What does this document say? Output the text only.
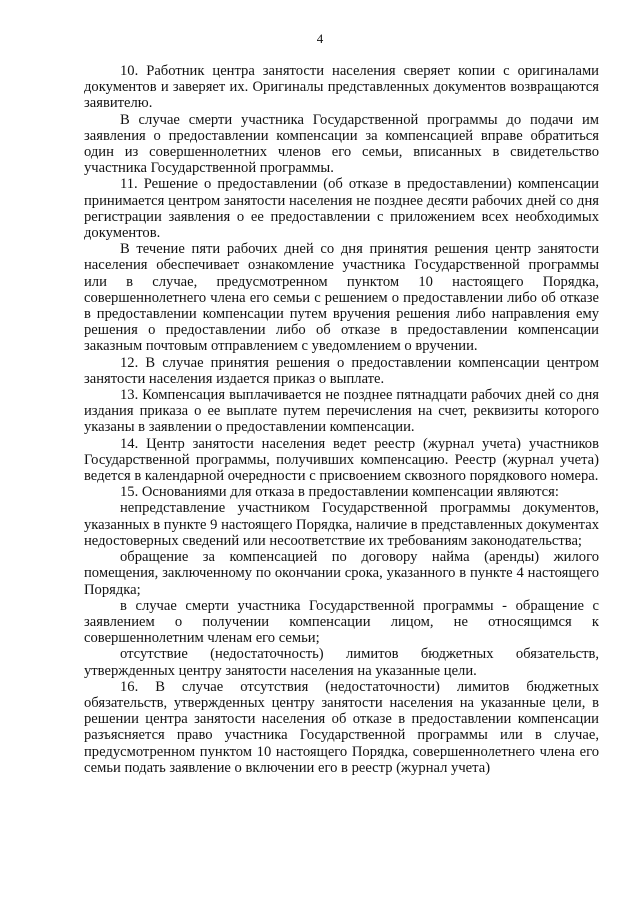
4

10. Работник центра занятости населения сверяет копии с оригиналами документов и заверяет их. Оригиналы представленных документов возвращаются заявителю.

В случае смерти участника Государственной программы до подачи им заявления о предоставлении компенсации за компенсацией вправе обратиться один из совершеннолетних членов его семьи, вписанных в свидетельство участника Государственной программы.

11. Решение о предоставлении (об отказе в предоставлении) компенсации принимается центром занятости населения не позднее десяти рабочих дней со дня регистрации заявления о ее предоставлении с приложением всех необходимых документов.

В течение пяти рабочих дней со дня принятия решения центр занятости населения обеспечивает ознакомление участника Государственной программы или в случае, предусмотренном пунктом 10 настоящего Порядка, совершеннолетнего члена его семьи с решением о предоставлении либо об отказе в предоставлении компенсации путем вручения решения либо направления ему решения о предоставлении либо об отказе в предоставлении компенсации заказным почтовым отправлением с уведомлением о вручении.

12. В случае принятия решения о предоставлении компенсации центром занятости населения издается приказ о выплате.

13. Компенсация выплачивается не позднее пятнадцати рабочих дней со дня издания приказа о ее выплате путем перечисления на счет, реквизиты которого указаны в заявлении о предоставлении компенсации.

14. Центр занятости населения ведет реестр (журнал учета) участников Государственной программы, получивших компенсацию. Реестр (журнал учета) ведется в календарной очередности с присвоением сквозного порядкового номера.

15. Основаниями для отказа в предоставлении компенсации являются:

непредставление участником Государственной программы документов, указанных в пункте 9 настоящего Порядка, наличие в представленных документах недостоверных сведений или несоответствие их требованиям законодательства;

обращение за компенсацией по договору найма (аренды) жилого помещения, заключенному по окончании срока, указанного в пункте 4 настоящего Порядка;

в случае смерти участника Государственной программы - обращение с заявлением о получении компенсации лицом, не относящимся к совершеннолетним членам его семьи;

отсутствие (недостаточность) лимитов бюджетных обязательств, утвержденных центру занятости населения на указанные цели.

16. В случае отсутствия (недостаточности) лимитов бюджетных обязательств, утвержденных центру занятости населения на указанные цели, в решении центра занятости населения об отказе в предоставлении компенсации разъясняется право участника Государственной программы или в случае, предусмотренном пунктом 10 настоящего Порядка, совершеннолетнего члена его семьи подать заявление о включении его в реестр (журнал учета)
